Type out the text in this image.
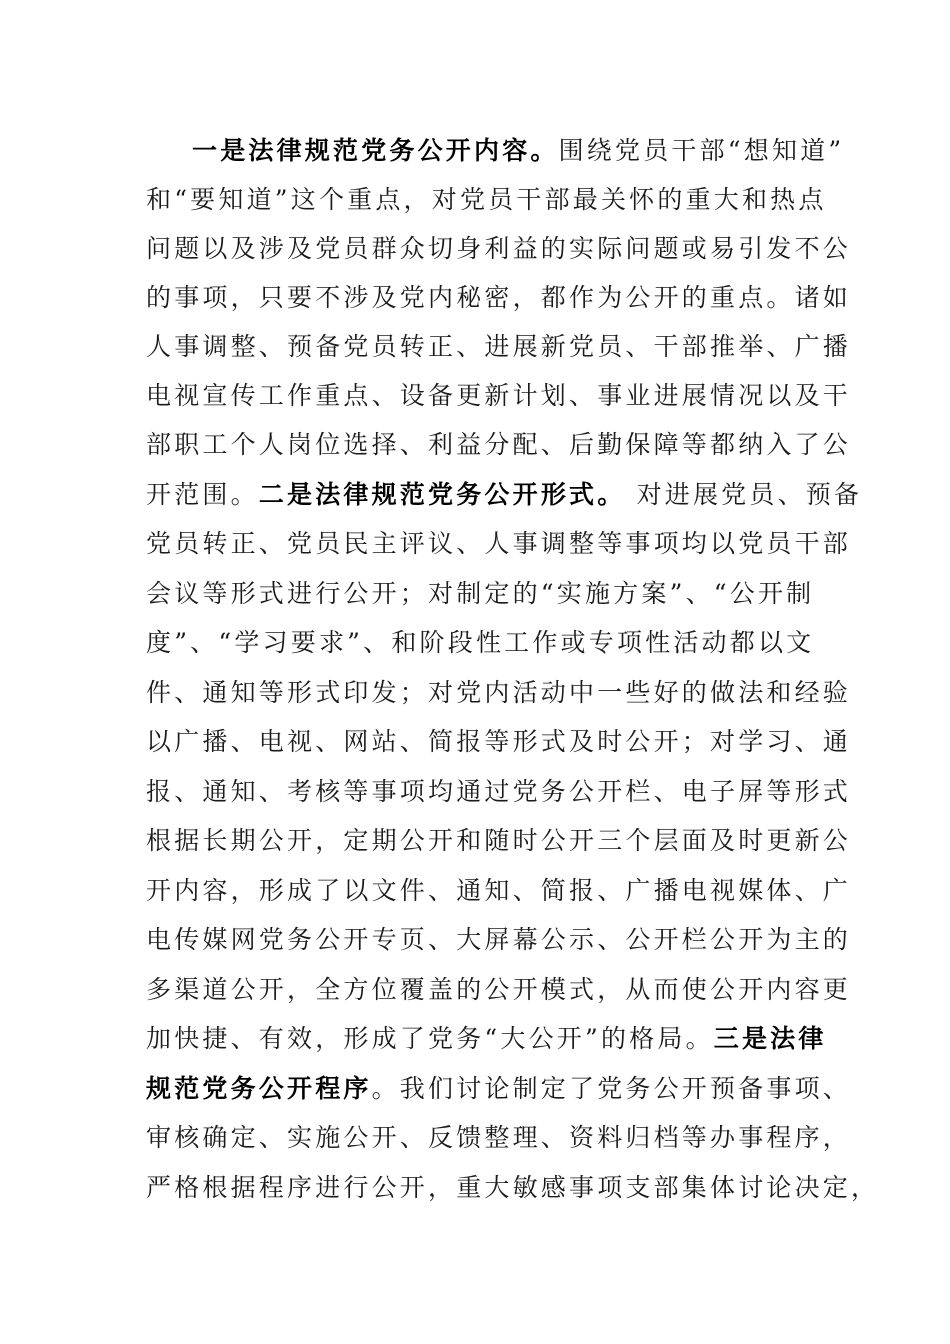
一是法律规范党务公开内容。围绕党员干部“想知道”
和“要知道”这个重点，对党员干部最关怀的重大和热点
问题以及涉及党员群众切身利益的实际问题或易引发不公
的事项，只要不涉及党内秘密，都作为公开的重点。诸如
人事调整、预备党员转正、进展新党员、干部推举、广播
电视宣传工作重点、设备更新计划、事业进展情况以及干
部职工个人岗位选择、利益分配、后勤保障等都纳入了公
开范围。二是法律规范党务公开形式。 对进展党员、预备
党员转正、党员民主评议、人事调整等事项均以党员干部
会议等形式进行公开；对制定的“实施方案”、“公开制
度”、“学习要求”、和阶段性工作或专项性活动都以文
件、通知等形式印发；对党内活动中一些好的做法和经验
以广播、电视、网站、简报等形式及时公开；对学习、通
报、通知、考核等事项均通过党务公开栏、电子屏等形式
根据长期公开，定期公开和随时公开三个层面及时更新公
开内容，形成了以文件、通知、简报、广播电视媒体、广
电传媒网党务公开专页、大屏幕公示、公开栏公开为主的
多渠道公开，全方位覆盖的公开模式，从而使公开内容更
加快捷、有效，形成了党务“大公开”的格局。三是法律
规范党务公开程序。我们讨论制定了党务公开预备事项、
审核确定、实施公开、反馈整理、资料归档等办事程序，
严格根据程序进行公开，重大敏感事项支部集体讨论决定，
